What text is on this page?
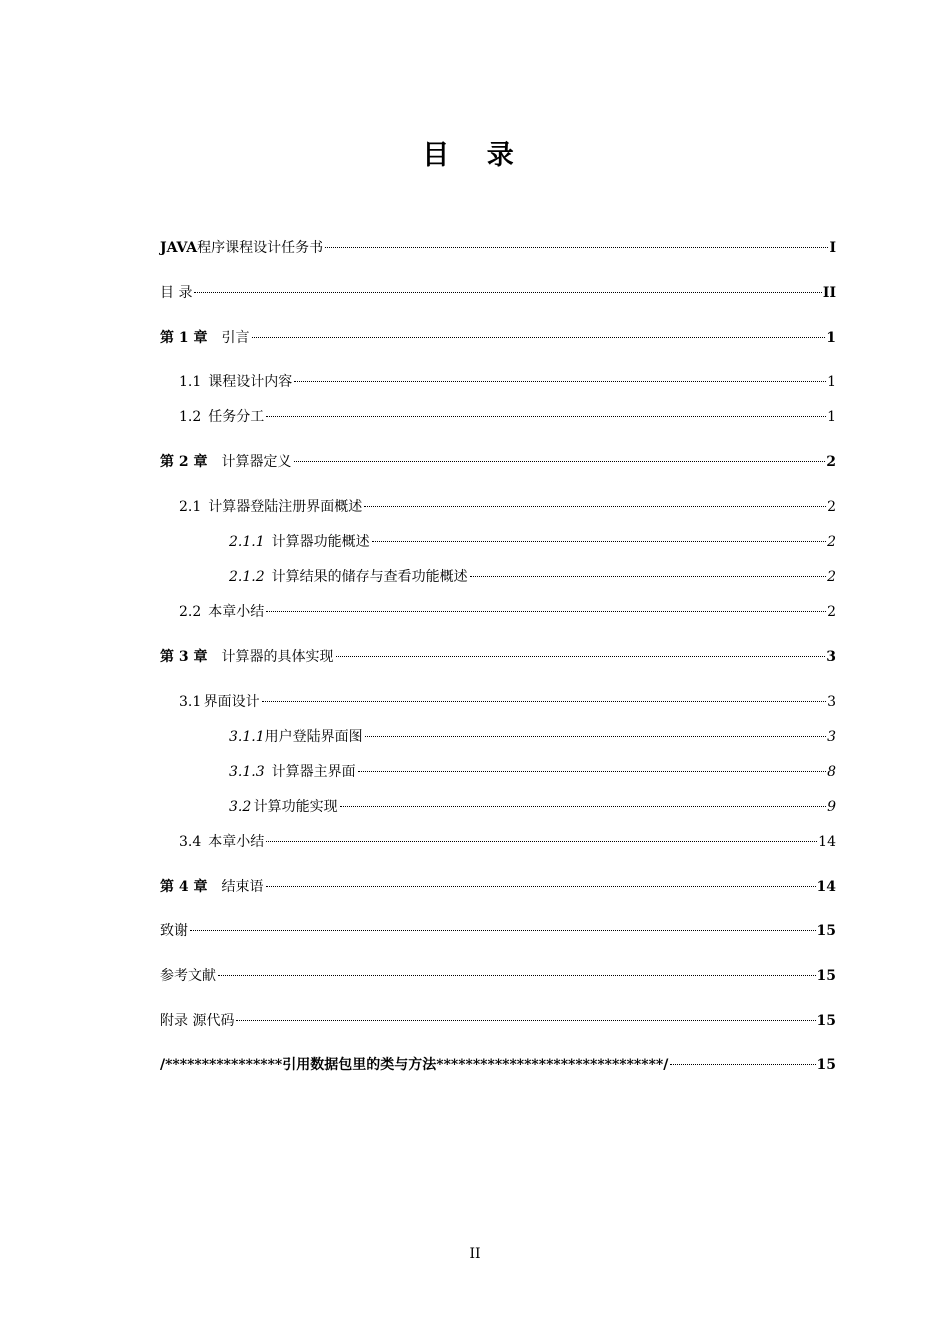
目 录
JAVA程序课程设计任务书	I
目 录	II
第 1 章  引言	1
1.1  课程设计内容	1
1.2  任务分工	1
第 2 章  计算器定义	2
2.1  计算器登陆注册界面概述	2
2.1.1  计算器功能概述	2
2.1.2  计算结果的储存与查看功能概述	2
2.2  本章小结	2
第 3 章  计算器的具体实现	3
3.1  界面设计	3
3.1.1用户登陆界面图	3
3.1.3  计算器主界面	8
3.2  计算功能实现	9
3.4  本章小结	14
第 4 章  结束语	14
致谢	15
参考文献	15
附录 源代码	15
/****************引用数据包里的类与方法*******************************/	15
II
